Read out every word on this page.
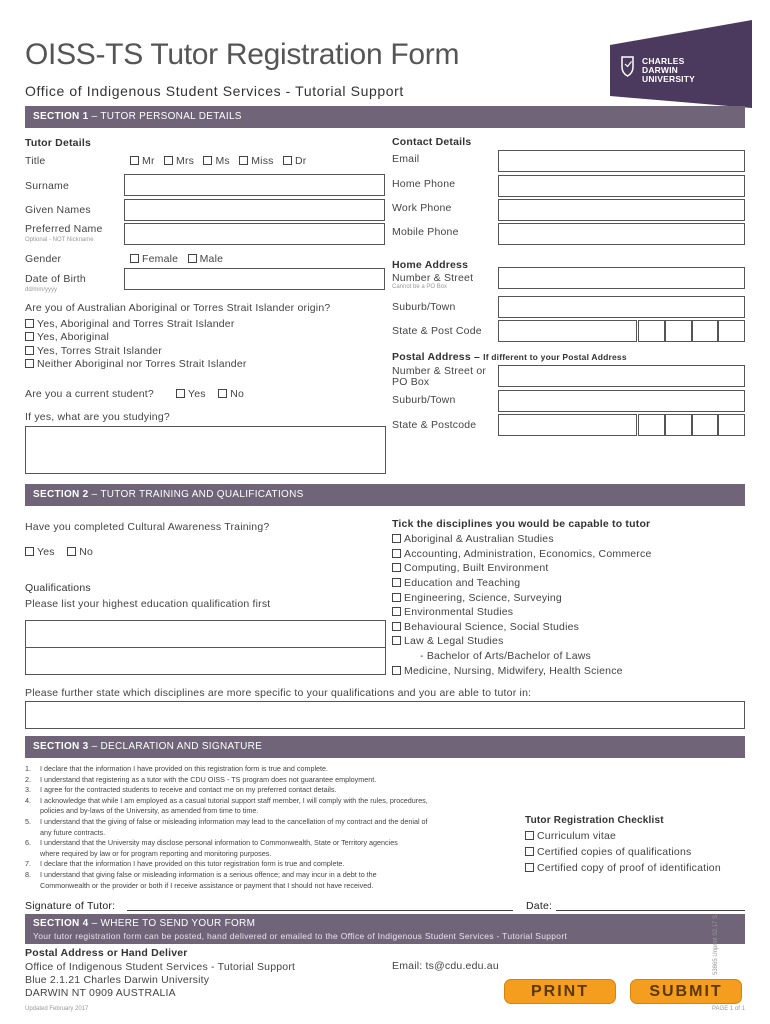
OISS-TS Tutor Registration Form
Office of Indigenous Student Services - Tutorial Support
CHARLES
DARWIN
UNIVERSITY
SECTION 1 – TUTOR PERSONAL DETAILS
Tutor Details
Title	Mr Mrs Ms Miss Dr
Surname
Given Names
Preferred Name
Optional - NOT Nickname
Gender	Female Male
Date of Birth
dd/mm/yyyy
Are you of Australian Aboriginal or Torres Strait Islander origin?
Yes, Aboriginal and Torres Strait Islander
Yes, Aboriginal
Yes, Torres Strait Islander
Neither Aboriginal nor Torres Strait Islander
Are you a current student?	Yes No
If yes, what are you studying?
Contact Details
Email
Home Phone
Work Phone
Mobile Phone
Home Address
Number & Street
Cannot be a PO Box
Suburb/Town
State & Post Code
Postal Address – If different to your Postal Address
Number & Street or
PO Box
Suburb/Town
State & Postcode
SECTION 2 – TUTOR TRAINING AND QUALIFICATIONS
Have you completed Cultural Awareness Training?
Yes No
Qualifications
Please list your highest education qualification first
Tick the disciplines you would be capable to tutor
Aboriginal & Australian Studies
Accounting, Administration, Economics, Commerce
Computing, Built Environment
Education and Teaching
Engineering, Science, Surveying
Environmental Studies
Behavioural Science, Social Studies
Law & Legal Studies
- Bachelor of Arts/Bachelor of Laws
Medicine, Nursing, Midwifery, Health Science
Please further state which disciplines are more specific to your qualifications and you are able to tutor in:
SECTION 3 – DECLARATION AND SIGNATURE
1. I declare that the information I have provided on this registration form is true and complete.
2. I understand that registering as a tutor with the CDU OISS - TS program does not guarantee employment.
3. I agree for the contracted students to receive and contact me on my preferred contact details.
4. I acknowledge that while I am employed as a casual tutorial support staff member, I will comply with the rules, procedures,
policies and by-laws of the University, as amended from time to time.
5. I understand that the giving of false or misleading information may lead to the cancellation of my contract and the denial of
any future contracts.
6. I understand that the University may disclose personal information to Commonwealth, State or Territory agencies
where required by law or for program reporting and monitoring purposes.
7. I declare that the information I have provided on this tutor registration form is true and complete.
8. I understand that giving false or misleading information is a serious offence; and may incur in a debt to the
Commonwealth or the provider or both if I receive assistance or payment that I should not have received.
Tutor Registration Checklist
Curriculum vitae
Certified copies of qualifications
Certified copy of proof of identification
Signature of Tutor:	Date:
SECTION 4 – WHERE TO SEND YOUR FORM
Your tutor registration form can be posted, hand delivered or emailed to the Office of Indigenous Student Services - Tutorial Support
Postal Address or Hand Deliver
Office of Indigenous Student Services - Tutorial Support
Blue 2.1.21 Charles Darwin University
DARWIN NT 0909 AUSTRALIA
Email: ts@cdu.edu.au
PRINT	SUBMIT
Updated February 2017	PAGE 1 of 1
53865 Unprint 02.17 S
